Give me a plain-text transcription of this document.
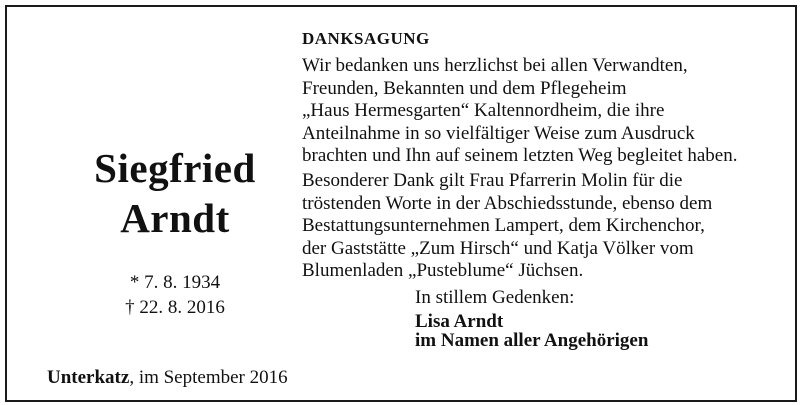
Siegfried
Arndt
* 7. 8. 1934
† 22. 8. 2016
Unterkatz, im September 2016
DANKSAGUNG
Wir bedanken uns herzlichst bei allen Verwandten,
Freunden, Bekannten und dem Pflegeheim
„Haus Hermesgarten“ Kaltennordheim, die ihre
Anteilnahme in so vielfältiger Weise zum Ausdruck
brachten und Ihn auf seinem letzten Weg begleitet haben.
Besonderer Dank gilt Frau Pfarrerin Molin für die
tröstenden Worte in der Abschiedsstunde, ebenso dem
Bestattungsunternehmen Lampert, dem Kirchenchor,
der Gaststätte „Zum Hirsch“ und Katja Völker vom
Blumenladen „Pusteblume“ Jüchsen.
In stillem Gedenken:
Lisa Arndt
im Namen aller Angehörigen
